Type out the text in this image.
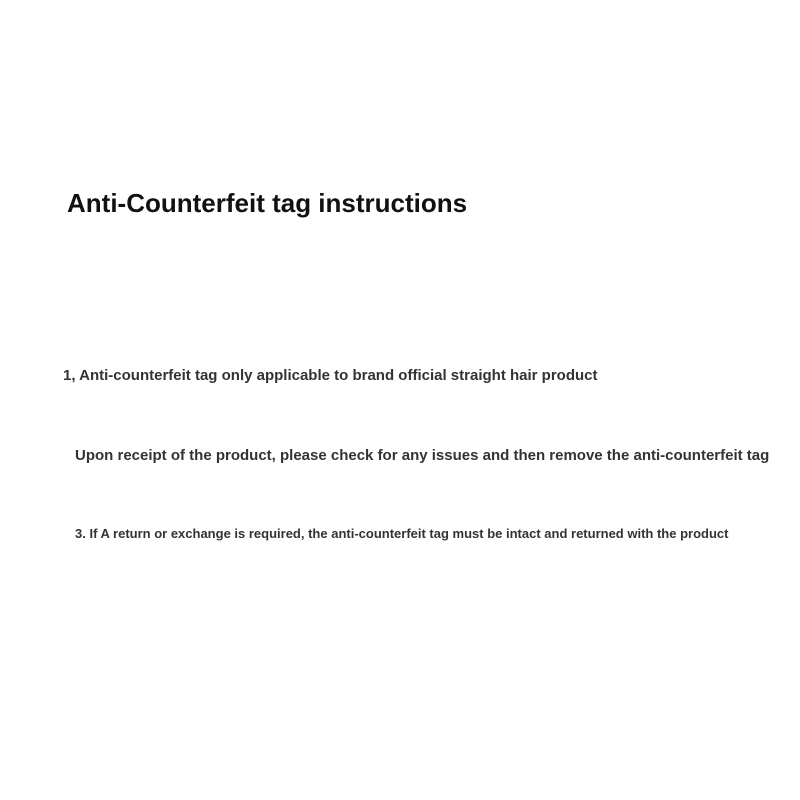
Anti-Counterfeit tag instructions

1, Anti-counterfeit tag only applicable to brand official straight hair product

Upon receipt of the product, please check for any issues and then remove the anti-counterfeit tag

3. If A return or exchange is required, the anti-counterfeit tag must be intact and returned with the product
